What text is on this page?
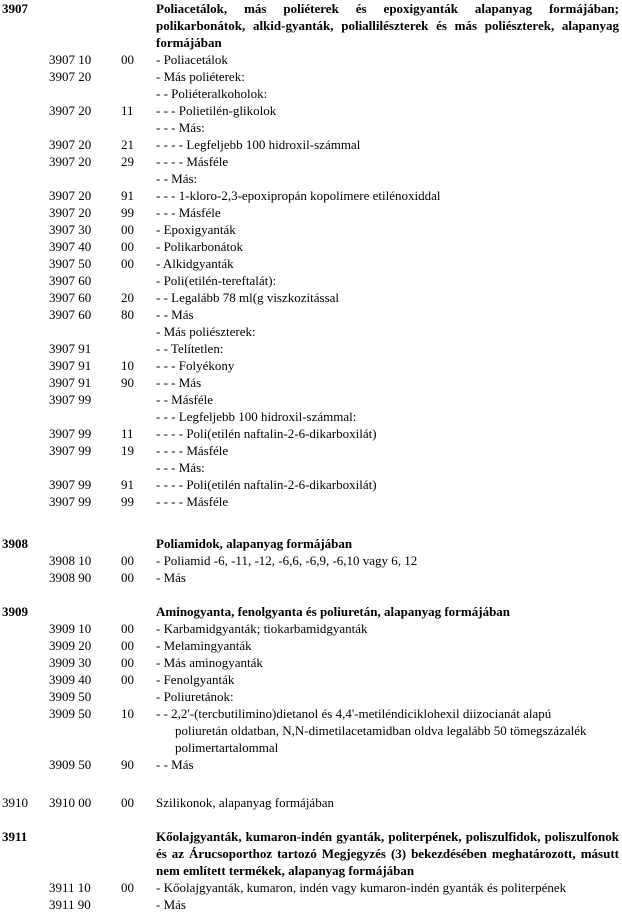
3907	Poliacetálok, más poliéterek és epoxigyanták alapanyag formájában; polikarbonátok, alkid-gyanták, poliallilészterek és más poliészterek, alapanyag formájában
3907 10 00 - Poliacetálok
3907 20	- Más poliéterek:
- - Poliéteralkoholok:
3907 20 11 - - - Polietilén-glikolok
- - - Más:
3907 20 21 - - - - Legfeljebb 100 hidroxil-számmal
3907 20 29 - - - - Másféle
- - Más:
3907 20 91 - - - 1-kloro-2,3-epoxipropán kopolimere etilénoxiddal
3907 20 99 - - - Másféle
3907 30 00 - Epoxigyanták
3907 40 00 - Polikarbonátok
3907 50 00 - Alkidgyanták
3907 60	- Poli(etilén-tereftalát):
3907 60 20 - - Legalább 78 ml(g viszkozitással
3907 60 80 - - Más
- Más poliészterek:
3907 91	- - Telítetlen:
3907 91 10 - - - Folyékony
3907 91 90 - - - Más
3907 99	- - Másféle
- - - Legfeljebb 100 hidroxil-számmal:
3907 99 11 - - - - Poli(etilén naftalin-2-6-dikarboxilát)
3907 99 19 - - - - Másféle
- - - Más:
3907 99 91 - - - - Poli(etilén naftalin-2-6-dikarboxilát)
3907 99 99 - - - - Másféle
3908	Poliamidok, alapanyag formájában
3908 10 00 - Poliamid -6, -11, -12, -6,6, -6,9, -6,10 vagy 6, 12
3908 90 00 - Más
3909	Aminogyanta, fenolgyanta és poliuretán, alapanyag formájában
3909 10 00 - Karbamidgyanták; tiokarbamidgyanták
3909 20 00 - Melamingyanták
3909 30 00 - Más aminogyanták
3909 40 00 - Fenolgyanták
3909 50	- Poliuretánok:
3909 50 10 - - 2,2'-(tercbutilimino)dietanol és 4,4'-metiléndiciklohexil diizocianát alapú
poliuretán oldatban, N,N-dimetilacetamidban oldva legalább 50 tömegszázalék polimertartalommal
3909 50 90 - - Más
3910 3910 00 00 Szilikonok, alapanyag formájában
3911	Kőolajgyanták, kumaron-indén gyanták, politerpének, poliszulfidok, poliszulfonok és az Árucsoporthoz tartozó Megjegyzés (3) bekezdésében meghatározott, másutt nem említett termékek, alapanyag formájában
3911 10 00 - Kőolajgyanták, kumaron, indén vagy kumaron-indén gyanták és politerpének
3911 90	- Más
